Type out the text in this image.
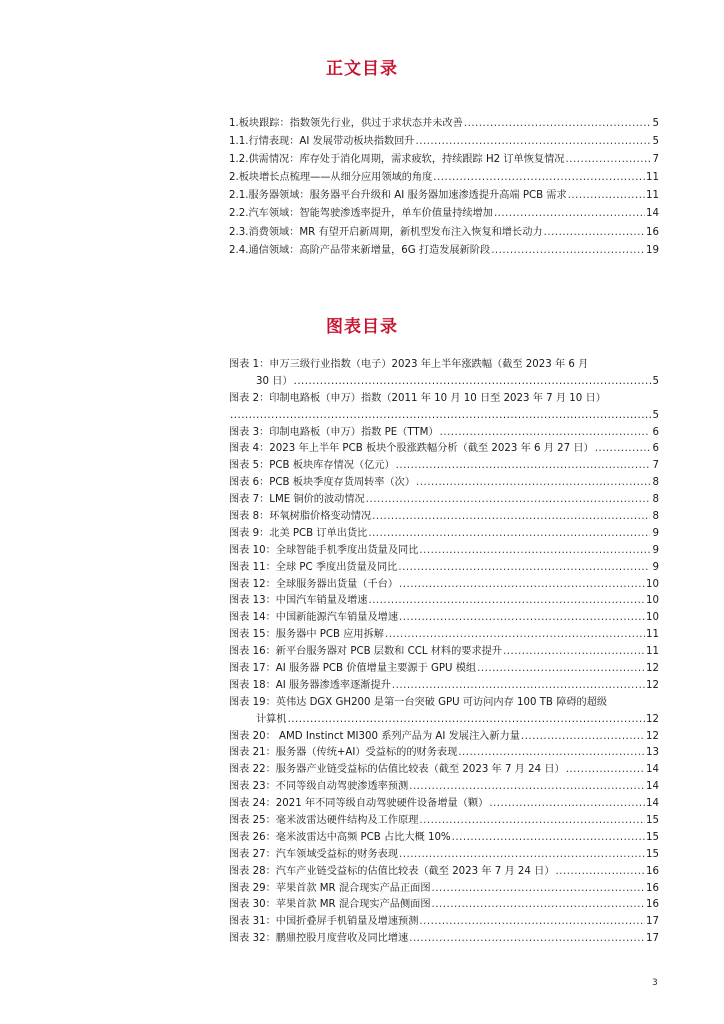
正文目录
1.板块跟踪：指数领先行业，供过于求状态并未改善 .....	5
1.1.行情表现：AI 发展带动板块指数回升 .....	5
1.2.供需情况：库存处于消化周期，需求疲软，持续跟踪 H2 订单恢复情况 .....	7
2.板块增长点梳理——从细分应用领域的角度 .....	11
2.1.服务器领域：服务器平台升级和 AI 服务器加速渗透提升高端 PCB 需求 .....	11
2.2.汽车领域：智能驾驶渗透率提升，单车价值量持续增加 .....	14
2.3.消费领域：MR 有望开启新周期，新机型发布注入恢复和增长动力 .....	16
2.4.通信领域：高阶产品带来新增量，6G 打造发展新阶段 .....	19
图表目录
图表 1：申万三级行业指数（电子）2023 年上半年涨跌幅（截至 2023 年 6 月
30 日） .....	5
图表 2：印制电路板（申万）指数（2011 年 10 月 10 日至 2023 年 7 月 10 日）
.....
5
图表 3：印制电路板（申万）指数 PE（TTM） .....	6
图表 4：2023 年上半年 PCB 板块个股涨跌幅分析（截至 2023 年 6 月 27 日） .....	6
图表 5：PCB 板块库存情况（亿元） .....	7
图表 6：PCB 板块季度存货周转率（次） .....	8
图表 7：LME 铜价的波动情况 .....	8
图表 8：环氧树脂价格变动情况 .....	8
图表 9：北美 PCB 订单出货比 .....	9
图表 10：全球智能手机季度出货量及同比 .....	9
图表 11：全球 PC 季度出货量及同比 .....	9
图表 12：全球服务器出货量（千台） .....	10
图表 13：中国汽车销量及增速 .....	10
图表 14：中国新能源汽车销量及增速 .....	10
图表 15：服务器中 PCB 应用拆解 .....	11
图表 16：新平台服务器对 PCB 层数和 CCL 材料的要求提升 .....	11
图表 17：AI 服务器 PCB 价值增量主要源于 GPU 模组 .....	12
图表 18：AI 服务器渗透率逐渐提升 .....	12
图表 19：英伟达 DGX GH200 是第一台突破 GPU 可访问内存 100 TB 障碍的超级
计算机 .....	12
图表 20： AMD Instinct MI300 系列产品为 AI 发展注入新力量 .....	12
图表 21：服务器（传统+AI）受益标的的财务表现 .....	13
图表 22：服务器产业链受益标的估值比较表（截至 2023 年 7 月 24 日） .....	14
图表 23：不同等级自动驾驶渗透率预测 .....	14
图表 24：2021 年不同等级自动驾驶硬件设备增量（颗） .....	14
图表 25：毫米波雷达硬件结构及工作原理 .....	15
图表 26：毫米波雷达中高频 PCB 占比大概 10% .....	15
图表 27：汽车领域受益标的财务表现 .....	15
图表 28：汽车产业链受益标的估值比较表（截至 2023 年 7 月 24 日） .....	16
图表 29：苹果首款 MR 混合现实产品正面图 .....	16
图表 30：苹果首款 MR 混合现实产品侧面图 .....	16
图表 31：中国折叠屏手机销量及增速预测 .....	17
图表 32：鹏鼎控股月度营收及同比增速 .....	17
3
